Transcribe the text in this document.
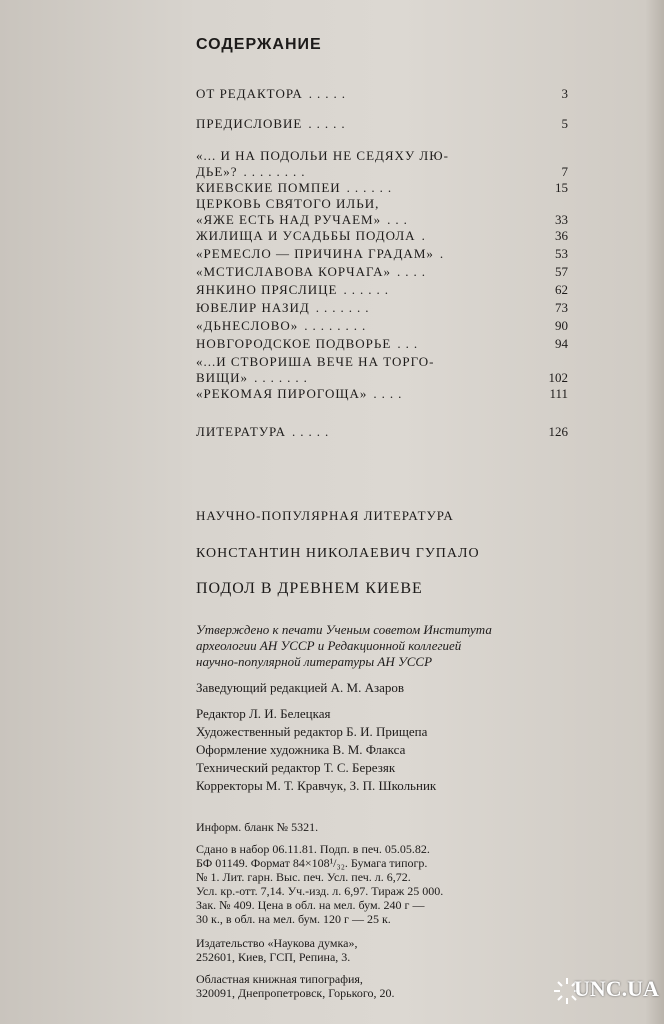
СОДЕРЖАНИЕ
ОТ РЕДАКТОРА .....	3
ПРЕДИСЛОВИЕ .....	5
«... И НА ПОДОЛЬИ НЕ СЕДЯХУ ЛЮ-
ДЬЕ»? ........	7
КИЕВСКИЕ ПОМПЕИ ......	15
ЦЕРКОВЬ СВЯТОГО ИЛЬИ,
«ЯЖЕ ЕСТЬ НАД РУЧАЕМ» ...	33
ЖИЛИЩА И УСАДЬБЫ ПОДОЛА .	36
«РЕМЕСЛО — ПРИЧИНА ГРАДАМ» .	53
«МСТИСЛАВОВА КОРЧАГА» ....	57
ЯНКИНО ПРЯСЛИЦЕ ......	62
ЮВЕЛИР НАЗИД .......	73
«ДЬНЕСЛОВО» ........	90
НОВГОРОДСКОЕ ПОДВОРЬЕ ...	94
«...И СТВОРИША ВЕЧЕ НА ТОРГО-
ВИЩИ» .......	102
«РЕКОМАЯ ПИРОГОЩА» ....	111
ЛИТЕРАТУРА .....	126
НАУЧНО-ПОПУЛЯРНАЯ ЛИТЕРАТУРА
КОНСТАНТИН НИКОЛАЕВИЧ ГУПАЛО
ПОДОЛ В ДРЕВНЕМ КИЕВЕ
Утверждено к печати Ученым советом Института
археологии АН УССР и Редакционной коллегией
научно-популярной литературы АН УССР
Заведующий редакцией А. М. Азаров
Редактор Л. И. Белецкая
Художественный редактор Б. И. Прищепа
Оформление художника В. М. Флакса
Технический редактор Т. С. Березяк
Корректоры М. Т. Кравчук, З. П. Школьник
Информ. бланк № 5321.
Сдано в набор 06.11.81. Подп. в печ. 05.05.82.
БФ 01149. Формат 84×108¹/₃₂. Бумага типогр.
№ 1. Лит. гарн. Выс. печ. Усл. печ. л. 6,72.
Усл. кр.-отт. 7,14. Уч.-изд. л. 6,97. Тираж 25 000.
Зак. № 409. Цена в обл. на мел. бум. 240 г —
30 к., в обл. на мел. бум. 120 г — 25 к.
Издательство «Наукова думка»,
252601, Киев, ГСП, Репина, 3.
Областная книжная типография,
320091, Днепропетровск, Горького, 20.	UNC.UA
